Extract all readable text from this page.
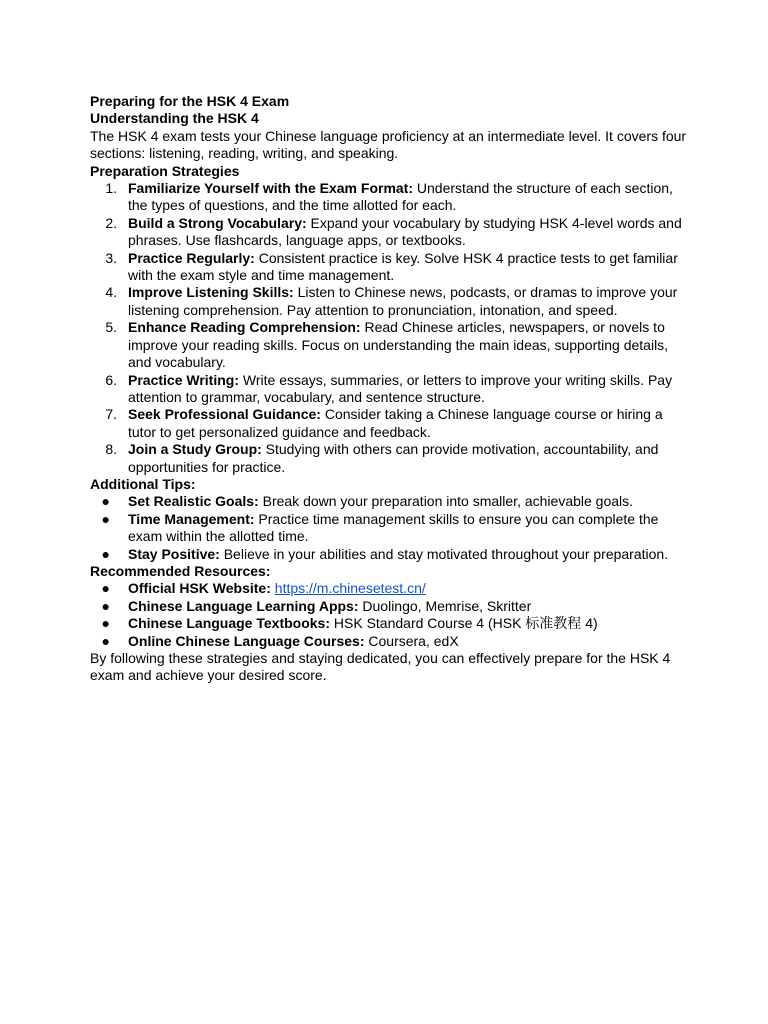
Preparing for the HSK 4 Exam

Understanding the HSK 4

The HSK 4 exam tests your Chinese language proficiency at an intermediate level. It covers four sections: listening, reading, writing, and speaking.

Preparation Strategies

1. Familiarize Yourself with the Exam Format: Understand the structure of each section, the types of questions, and the time allotted for each.
2. Build a Strong Vocabulary: Expand your vocabulary by studying HSK 4-level words and phrases. Use flashcards, language apps, or textbooks.
3. Practice Regularly: Consistent practice is key. Solve HSK 4 practice tests to get familiar with the exam style and time management.
4. Improve Listening Skills: Listen to Chinese news, podcasts, or dramas to improve your listening comprehension. Pay attention to pronunciation, intonation, and speed.
5. Enhance Reading Comprehension: Read Chinese articles, newspapers, or novels to improve your reading skills. Focus on understanding the main ideas, supporting details, and vocabulary.
6. Practice Writing: Write essays, summaries, or letters to improve your writing skills. Pay attention to grammar, vocabulary, and sentence structure.
7. Seek Professional Guidance: Consider taking a Chinese language course or hiring a tutor to get personalized guidance and feedback.
8. Join a Study Group: Studying with others can provide motivation, accountability, and opportunities for practice.

Additional Tips:

● Set Realistic Goals: Break down your preparation into smaller, achievable goals.
● Time Management: Practice time management skills to ensure you can complete the exam within the allotted time.
● Stay Positive: Believe in your abilities and stay motivated throughout your preparation.

Recommended Resources:

● Official HSK Website: https://m.chinesetest.cn/
● Chinese Language Learning Apps: Duolingo, Memrise, Skritter
● Chinese Language Textbooks: HSK Standard Course 4 (HSK 标准教程 4)
● Online Chinese Language Courses: Coursera, edX

By following these strategies and staying dedicated, you can effectively prepare for the HSK 4 exam and achieve your desired score.
